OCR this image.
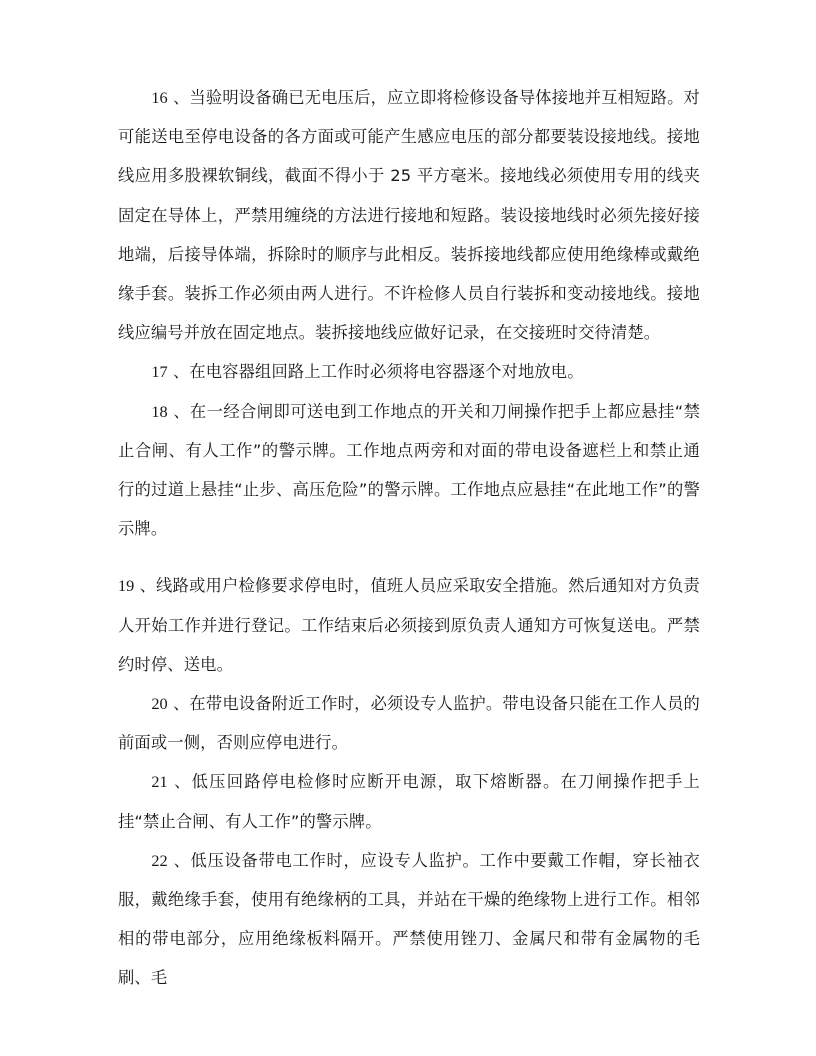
16 、当验明设备确已无电压后，应立即将检修设备导体接地并互相短路。对可能送电至停电设备的各方面或可能产生感应电压的部分都要装设接地线。接地线应用多股裸软铜线，截面不得小于 25 平方毫米。接地线必须使用专用的线夹固定在导体上，严禁用缠绕的方法进行接地和短路。装设接地线时必须先接好接地端，后接导体端，拆除时的顺序与此相反。装拆接地线都应使用绝缘棒或戴绝缘手套。装拆工作必须由两人进行。不许检修人员自行装拆和变动接地线。接地线应编号并放在固定地点。装拆接地线应做好记录，在交接班时交待清楚。

17 、在电容器组回路上工作时必须将电容器逐个对地放电。

18 、在一经合闸即可送电到工作地点的开关和刀闸操作把手上都应悬挂“禁止合闸、有人工作”的警示牌。工作地点两旁和对面的带电设备遮栏上和禁止通行的过道上悬挂“止步、高压危险”的警示牌。工作地点应悬挂“在此地工作”的警示牌。

19 、线路或用户检修要求停电时，值班人员应采取安全措施。然后通知对方负责人开始工作并进行登记。工作结束后必须接到原负责人通知方可恢复送电。严禁约时停、送电。

20 、在带电设备附近工作时，必须设专人监护。带电设备只能在工作人员的前面或一侧，否则应停电进行。

21 、低压回路停电检修时应断开电源，取下熔断器。在刀闸操作把手上挂“禁止合闸、有人工作”的警示牌。

22 、低压设备带电工作时，应设专人监护。工作中要戴工作帽，穿长袖衣服，戴绝缘手套，使用有绝缘柄的工具，并站在干燥的绝缘物上进行工作。相邻相的带电部分，应用绝缘板料隔开。严禁使用锉刀、金属尺和带有金属物的毛刷、毛
